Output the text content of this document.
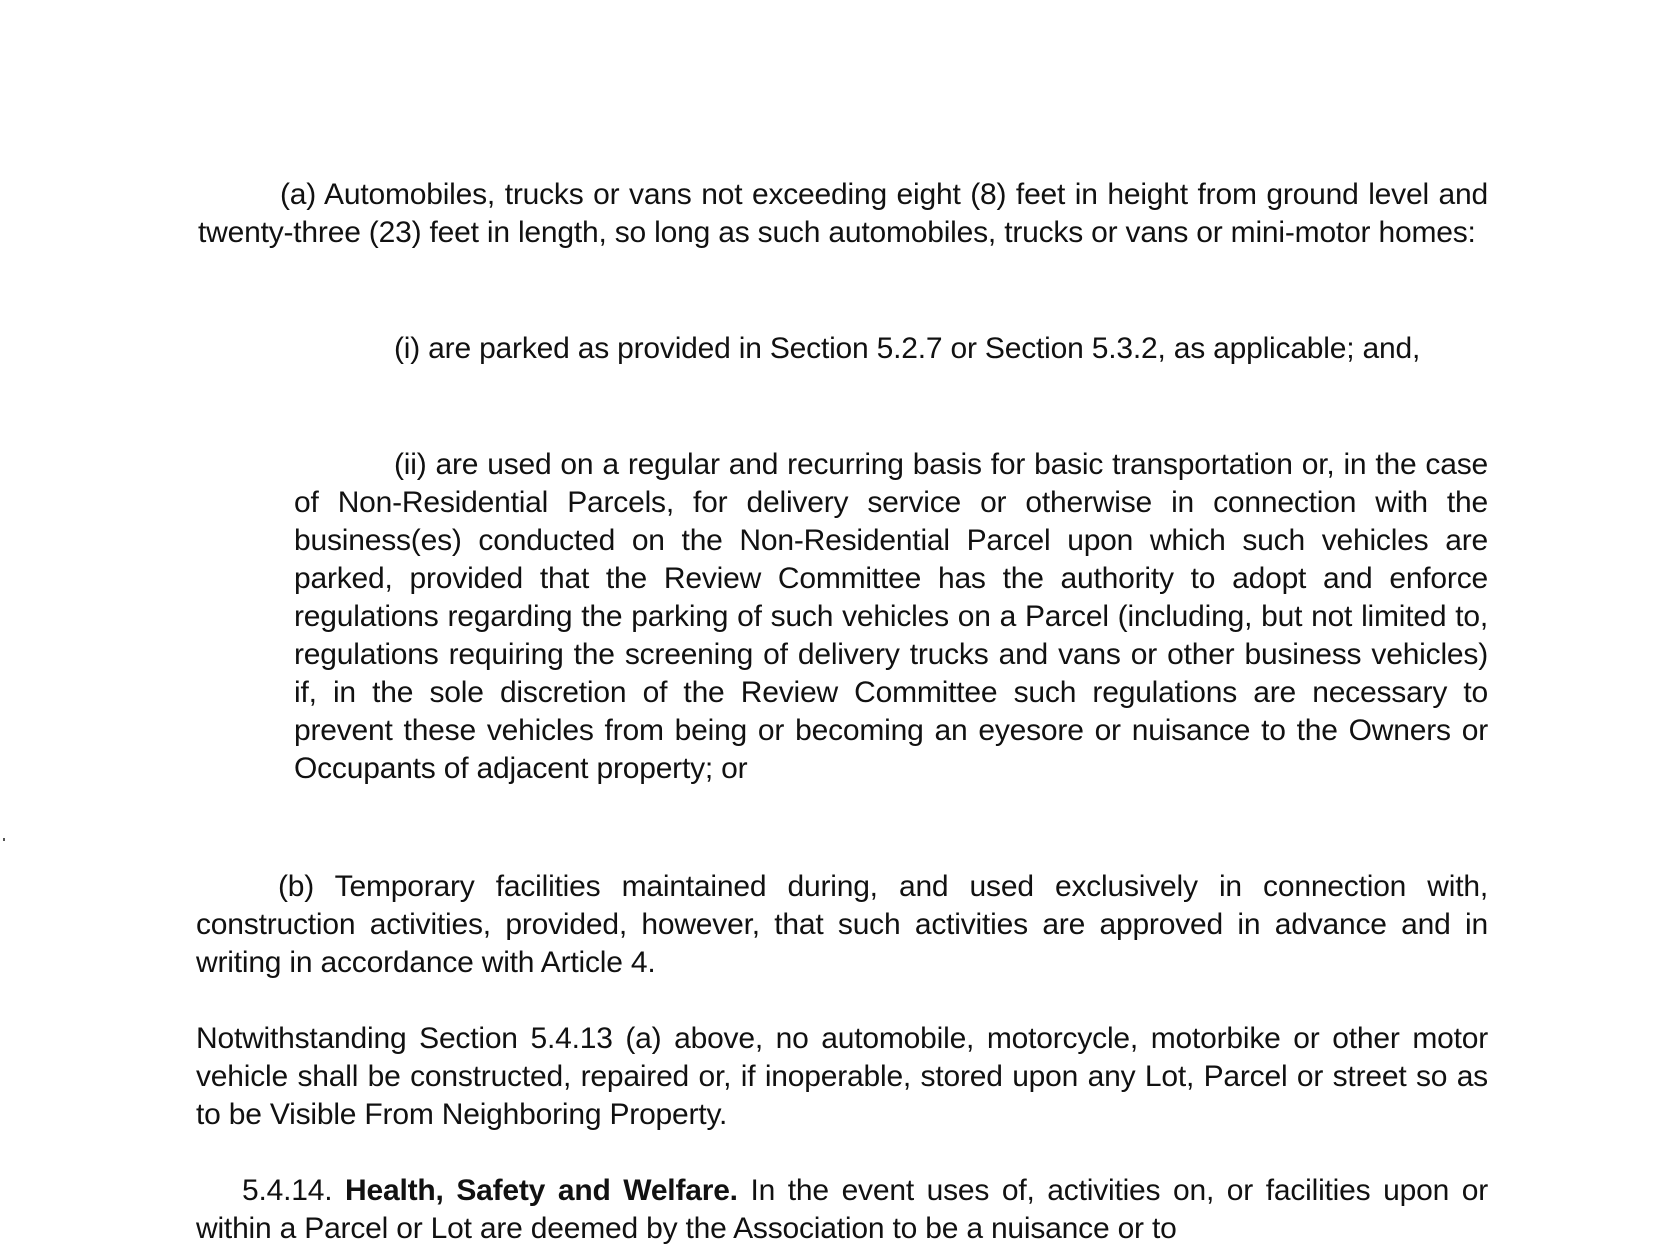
(a) Automobiles, trucks or vans not exceeding eight (8) feet in height from ground level and twenty-three (23) feet in length, so long as such automobiles, trucks or vans or mini-motor homes:

(i) are parked as provided in Section 5.2.7 or Section 5.3.2, as applicable; and,

(ii) are used on a regular and recurring basis for basic transportation or, in the case of Non-Residential Parcels, for delivery service or otherwise in connection with the business(es) conducted on the Non-Residential Parcel upon which such vehicles are parked, provided that the Review Committee has the authority to adopt and enforce regulations regarding the parking of such vehicles on a Parcel (including, but not limited to, regulations requiring the screening of delivery trucks and vans or other business vehicles) if, in the sole discretion of the Review Committee such regulations are necessary to prevent these vehicles from being or becoming an eyesore or nuisance to the Owners or Occupants of adjacent property; or

(b) Temporary facilities maintained during, and used exclusively in connection with, construction activities, provided, however, that such activities are approved in advance and in writing in accordance with Article 4.

Notwithstanding Section 5.4.13 (a) above, no automobile, motorcycle, motorbike or other motor vehicle shall be constructed, repaired or, if inoperable, stored upon any Lot, Parcel or street so as to be Visible From Neighboring Property.

5.4.14. Health, Safety and Welfare. In the event uses of, activities on, or facilities upon or within a Parcel or Lot are deemed by the Association to be a nuisance or to
